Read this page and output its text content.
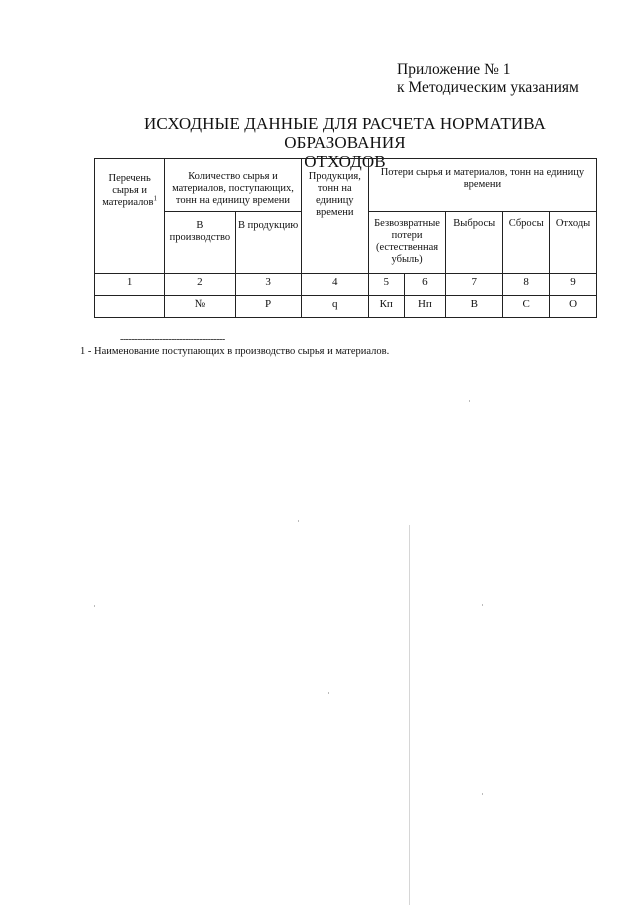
Приложение № 1
к Методическим указаниям
ИСХОДНЫЕ ДАННЫЕ ДЛЯ РАСЧЕТА НОРМАТИВА ОБРАЗОВАНИЯ
ОТХОДОВ
Перечень сырья и материалов$^1$	Количество сырья и материалов, поступающих, тонн на единицу времени		Продукция, тонн на единицу времени	Потери сырья и материалов, тонн на единицу времени				
	В производство	В продукцию		Безвозвратные потери (естественная убыль)		Выбросы	Сбросы	Отходы
1	2	3	4	5	6	7	8	9
	№	Р	q	Кп	Нп	В	С	О
-------------------------------------
1 - Наименование поступающих в производство сырья и материалов.
